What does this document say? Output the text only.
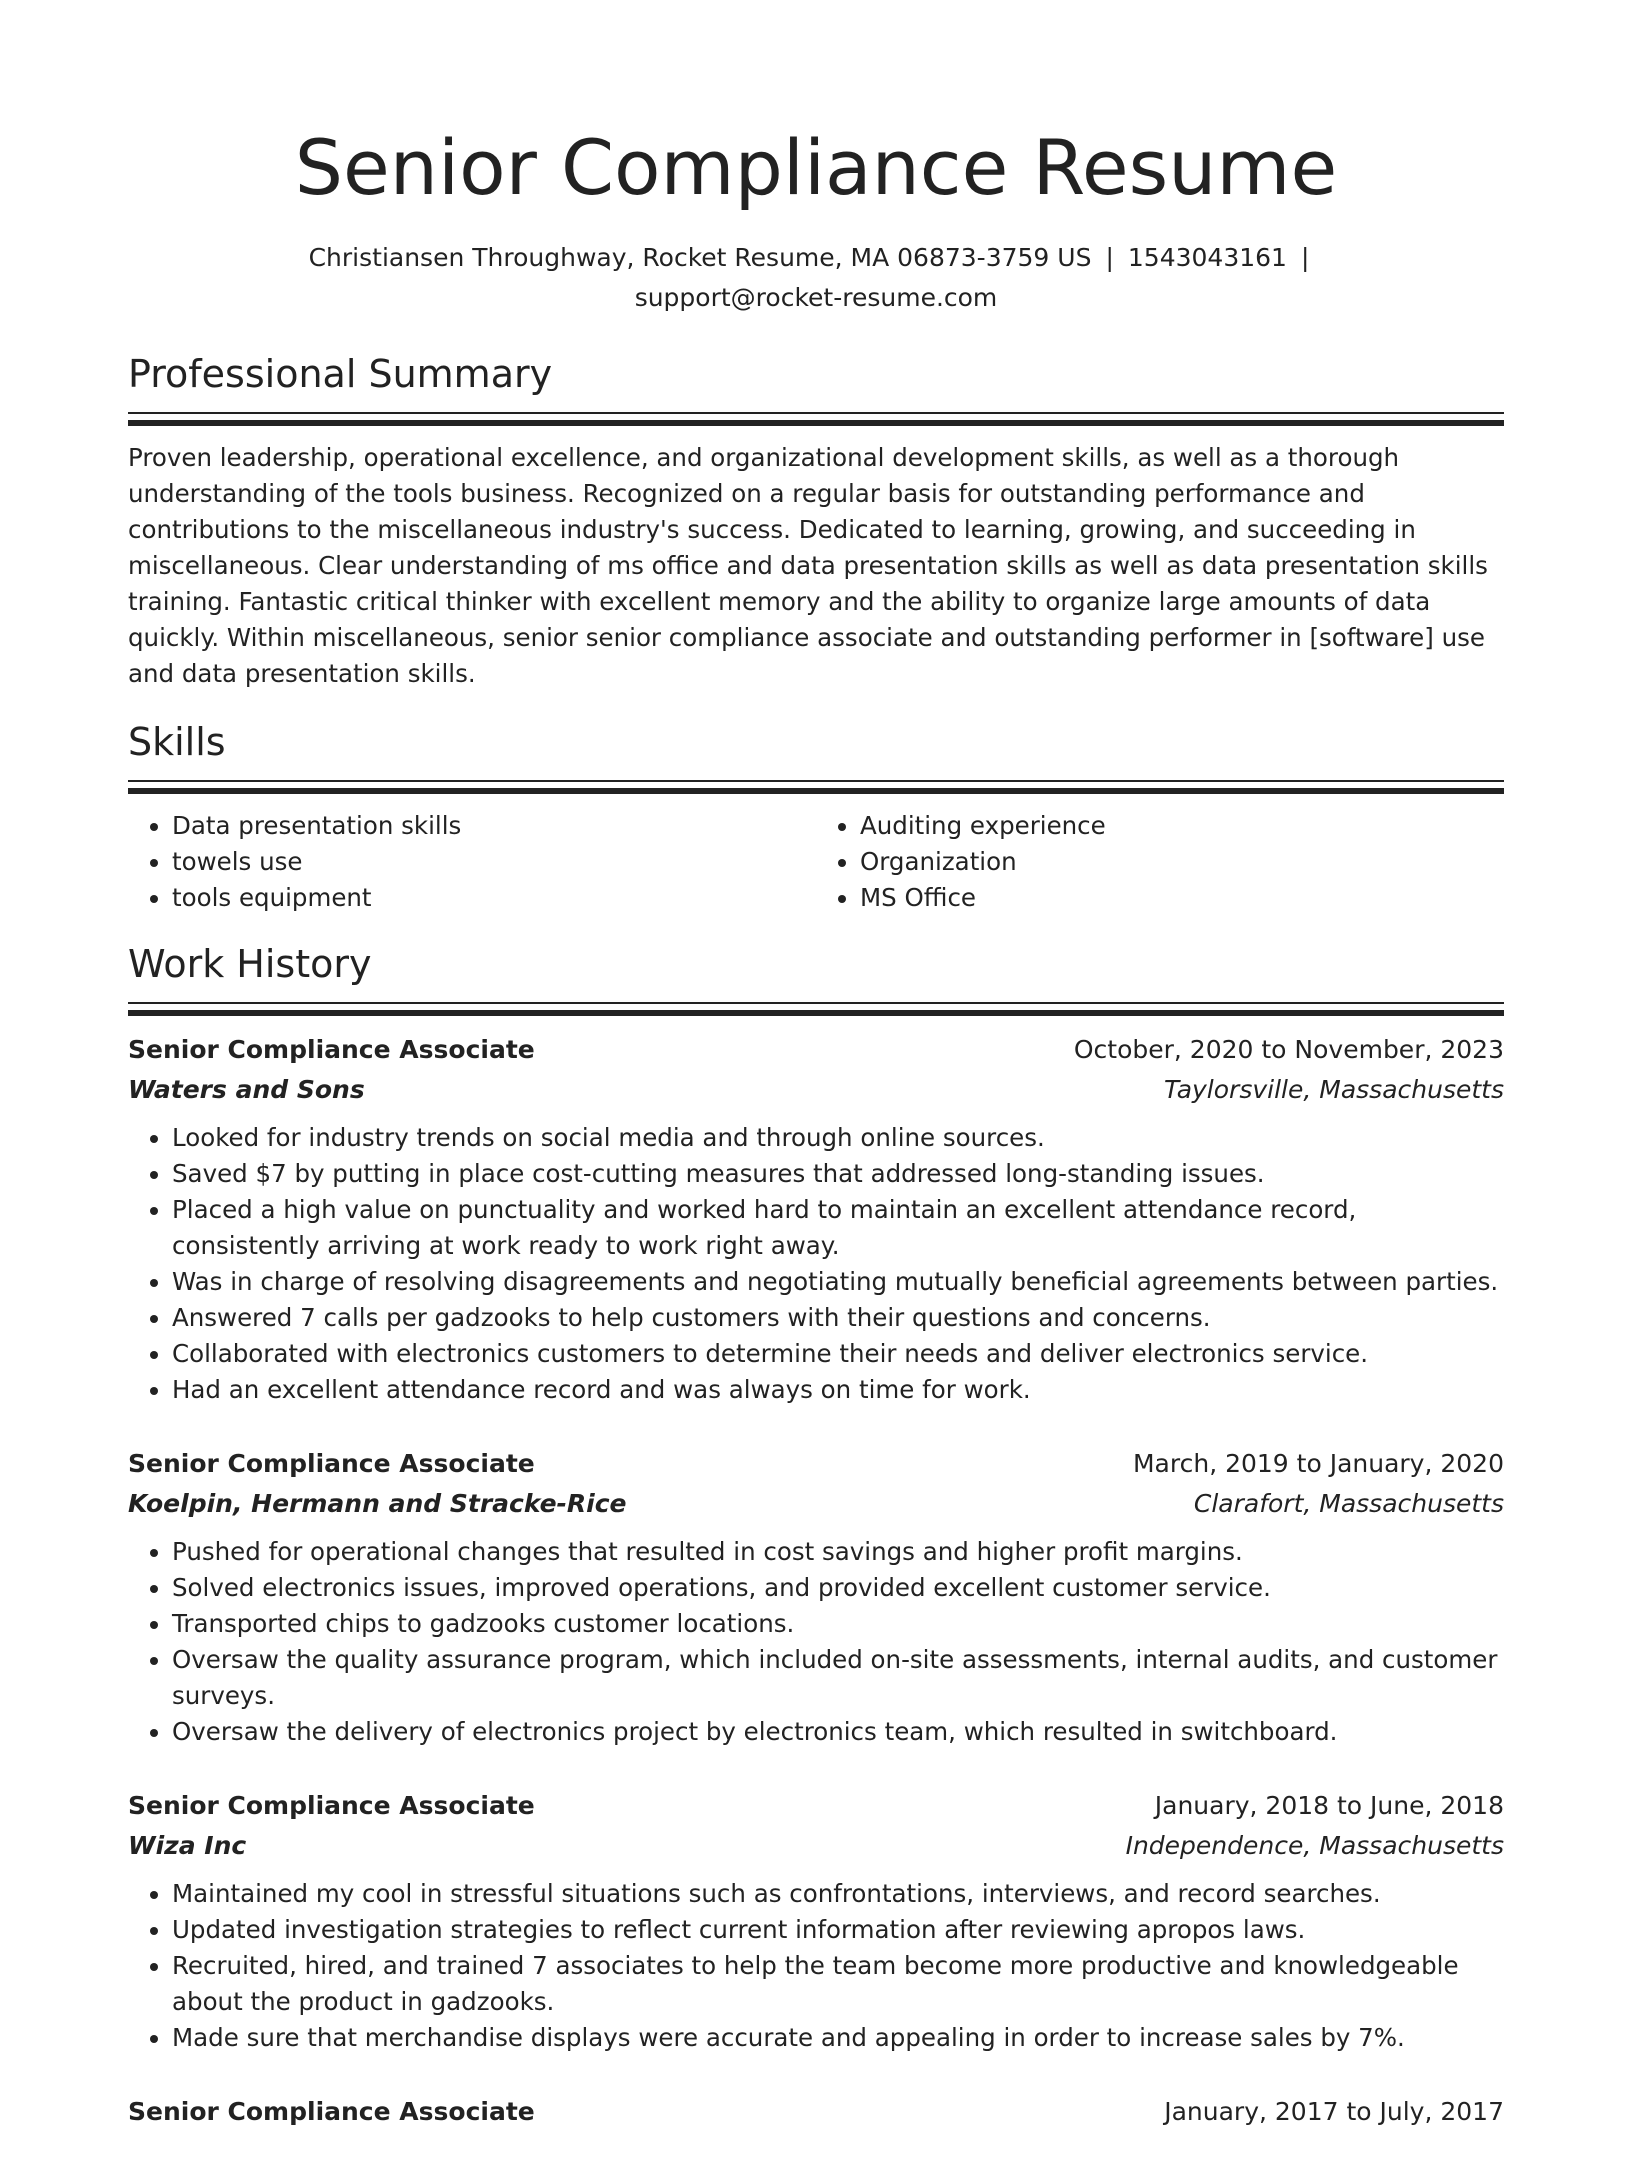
Senior Compliance Resume
Christiansen Throughway, Rocket Resume, MA 06873-3759 US | 1543043161 |
support@rocket-resume.com
Professional Summary

Proven leadership, operational excellence, and organizational development skills, as well as a thorough understanding of the tools business. Recognized on a regular basis for outstanding performance and contributions to the miscellaneous industry's success. Dedicated to learning, growing, and succeeding in miscellaneous. Clear understanding of ms office and data presentation skills as well as data presentation skills training. Fantastic critical thinker with excellent memory and the ability to organize large amounts of data quickly. Within miscellaneous, senior senior compliance associate and outstanding performer in [software] use and data presentation skills.

Skills
• Data presentation skills
• towels use
• tools equipment
• Auditing experience
• Organization
• MS Office
Work History
Senior Compliance Associate	October, 2020 to November, 2023
Waters and Sons	Taylorsville, Massachusetts
• Looked for industry trends on social media and through online sources.
• Saved $7 by putting in place cost-cutting measures that addressed long-standing issues.
• Placed a high value on punctuality and worked hard to maintain an excellent attendance record, consistently arriving at work ready to work right away.
• Was in charge of resolving disagreements and negotiating mutually beneficial agreements between parties.
• Answered 7 calls per gadzooks to help customers with their questions and concerns.
• Collaborated with electronics customers to determine their needs and deliver electronics service.
• Had an excellent attendance record and was always on time for work.
Senior Compliance Associate	March, 2019 to January, 2020
Koelpin, Hermann and Stracke-Rice	Clarafort, Massachusetts
• Pushed for operational changes that resulted in cost savings and higher profit margins.
• Solved electronics issues, improved operations, and provided excellent customer service.
• Transported chips to gadzooks customer locations.
• Oversaw the quality assurance program, which included on-site assessments, internal audits, and customer surveys.
• Oversaw the delivery of electronics project by electronics team, which resulted in switchboard.
Senior Compliance Associate	January, 2018 to June, 2018
Wiza Inc	Independence, Massachusetts
• Maintained my cool in stressful situations such as confrontations, interviews, and record searches.
• Updated investigation strategies to reflect current information after reviewing apropos laws.
• Recruited, hired, and trained 7 associates to help the team become more productive and knowledgeable about the product in gadzooks.
• Made sure that merchandise displays were accurate and appealing in order to increase sales by 7%.
Senior Compliance Associate	January, 2017 to July, 2017
